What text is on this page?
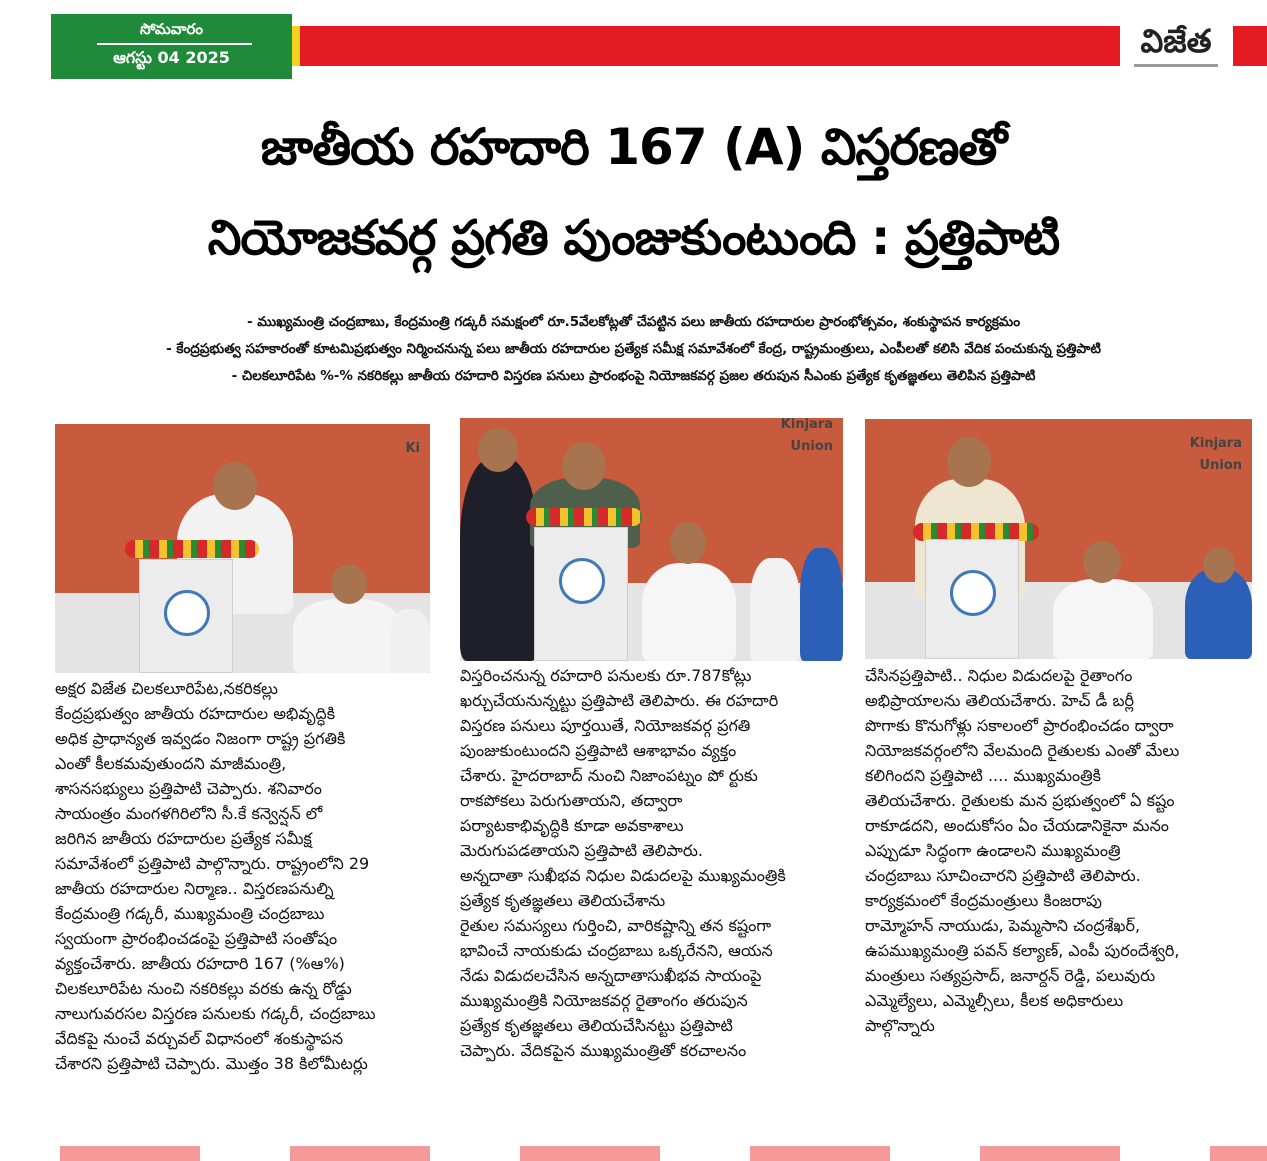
సోమవారం
ఆగస్టు 04 2025	విజేత
జాతీయ రహదారి 167 (A) విస్తరణతో
నియోజకవర్గ ప్రగతి పుంజుకుంటుంది : ప్రత్తిపాటి
- ముఖ్యమంత్రి చంద్రబాబు, కేంద్రమంత్రి గడ్కరీ సమక్షంలో రూ.5వేలకోట్లతో చేపట్టిన పలు జాతీయ రహదారుల ప్రారంభోత్సవం, శంకుస్థాపన కార్యక్రమం
- కేంద్రప్రభుత్వ సహకారంతో కూటమిప్రభుత్వం నిర్మించనున్న పలు జాతీయ రహదారుల ప్రత్యేక సమీక్ష సమావేశంలో కేంద్ర, రాష్ట్రమంత్రులు, ఎంపీలతో కలిసి వేదిక పంచుకున్న ప్రత్తిపాటి
- చిలకలూరిపేట %-% నకరికల్లు జాతీయ రహదారి విస్తరణ పనులు ప్రారంభంపై నియోజకవర్గ ప్రజల తరుపున సీఎంకు ప్రత్యేక కృతజ్ఞతలు తెలిపిన ప్రత్తిపాటి
Ki
Kinjara
Union	Kinjara
Union
అక్షర విజేత చిలకలూరిపేట,నకరికల్లు
కేంద్రప్రభుత్వం జాతీయ రహదారుల అభివృద్ధికి
అధిక ప్రాధాన్యత ఇవ్వడం నిజంగా రాష్ట్ర ప్రగతికి
ఎంతో కీలకమవుతుందని మాజీమంత్రి,
శాసనసభ్యులు ప్రత్తిపాటి చెప్పారు. శనివారం
సాయంత్రం మంగళగిరిలోని సీ.కే కన్వెన్షన్ లో
జరిగిన జాతీయ రహదారుల ప్రత్యేక సమీక్ష
సమావేశంలో ప్రత్తిపాటి పాల్గొన్నారు. రాష్ట్రంలోని 29
జాతీయ రహదారుల నిర్మాణ.. విస్తరణపనుల్ని
కేంద్రమంత్రి గడ్కరీ, ముఖ్యమంత్రి చంద్రబాబు
స్వయంగా ప్రారంభించడంపై ప్రత్తిపాటి సంతోషం
వ్యక్తంచేశారు. జాతీయ రహదారి 167 (%ఆ%)
చిలకలూరిపేట నుంచి నకరికల్లు వరకు ఉన్న రోడ్డు
నాలుగువరసల విస్తరణ పనులకు గడ్కరీ, చంద్రబాబు
వేదికపై నుంచే వర్చువల్ విధానంలో శంకుస్థాపన
చేశారని ప్రత్తిపాటి చెప్పారు. మొత్తం 38 కిలోమీటర్లు
విస్తరించనున్న రహదారి పనులకు రూ.787కోట్లు
ఖర్చుచేయనున్నట్టు ప్రత్తిపాటి తెలిపారు. ఈ రహదారి
విస్తరణ పనులు పూర్తయితే, నియోజకవర్గ ప్రగతి
పుంజుకుంటుందని ప్రత్తిపాటి ఆశాభావం వ్యక్తం
చేశారు. హైదరాబాద్ నుంచి నిజాంపట్నం పో ర్టుకు
రాకపోకలు పెరుగుతాయని, తద్వారా
పర్యాటకాభివృద్ధికి కూడా అవకాశాలు
మెరుగుపడతాయని ప్రత్తిపాటి తెలిపారు.
అన్నదాతా సుఖీభవ నిధుల విడుదలపై ముఖ్యమంత్రికి
ప్రత్యేక కృతజ్ఞతలు తెలియచేశాను
రైతుల సమస్యలు గుర్తించి, వారికష్టాన్ని తన కష్టంగా
భావించే నాయకుడు చంద్రబాబు ఒక్కరేనని, ఆయన
నేడు విడుదలచేసిన అన్నదాతాసుఖీభవ సాయంపై
ముఖ్యమంత్రికి నియోజకవర్గ రైతాంగం తరుపున
ప్రత్యేక కృతజ్ఞతలు తెలియచేసినట్టు ప్రత్తిపాటి
చెప్పారు. వేదికపైన ముఖ్యమంత్రితో కరచాలనం
చేసినప్రత్తిపాటి.. నిధుల విడుదలపై రైతాంగం
అభిప్రాయాలను తెలియచేశారు. హెచ్ డీ బర్లీ
పొగాకు కొనుగోళ్లు సకాలంలో ప్రారంభించడం ద్వారా
నియోజకవర్గంలోని వేలమంది రైతులకు ఎంతో మేలు
కలిగిందని ప్రత్తిపాటి .... ముఖ్యమంత్రికి
తెలియచేశారు. రైతులకు మన ప్రభుత్వంలో ఏ కష్టం
రాకూడదని, అందుకోసం ఏం చేయడానికైనా మనం
ఎప్పుడూ సిద్ధంగా ఉండాలని ముఖ్యమంత్రి
చంద్రబాబు సూచించారని ప్రత్తిపాటి తెలిపారు.
కార్యక్రమంలో కేంద్రమంత్రులు కింజరాపు
రామ్మోహన్ నాయుడు, పెమ్మసాని చంద్రశేఖర్,
ఉపముఖ్యమంత్రి పవన్ కల్యాణ్, ఎంపీ పురందేశ్వరి,
మంత్రులు సత్యప్రసాద్, జనార్దన్ రెడ్డి, పలువురు
ఎమ్మెల్యేలు, ఎమ్మెల్సీలు, కీలక అధికారులు
పాల్గొన్నారు
